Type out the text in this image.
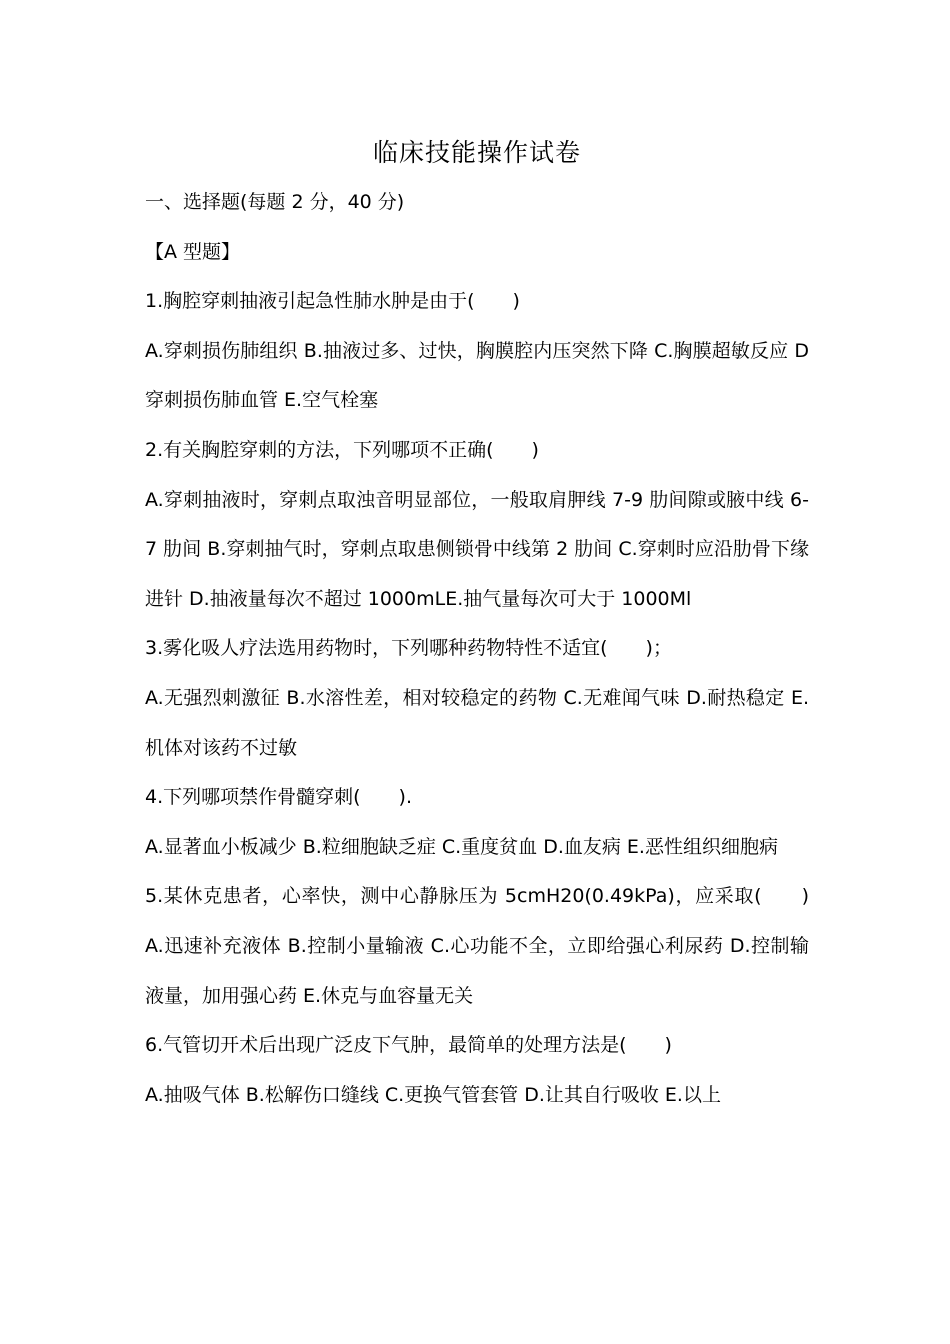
临床技能操作试卷

一、选择题(每题 2 分，40 分)

【A 型题】

1.胸腔穿刺抽液引起急性肺水肿是由于(　　)

A.穿刺损伤肺组织 B.抽液过多、过快，胸膜腔内压突然下降 C.胸膜超敏反应 D 穿刺损伤肺血管 E.空气栓塞

2.有关胸腔穿刺的方法，下列哪项不正确(　　)

A.穿刺抽液时，穿刺点取浊音明显部位，一般取肩胛线 7-9 肋间隙或腋中线 6-7 肋间 B.穿刺抽气时，穿刺点取患侧锁骨中线第 2 肋间 C.穿刺时应沿肋骨下缘进针 D.抽液量每次不超过 1000mLE.抽气量每次可大于 1000Ml

3.雾化吸人疗法选用药物时，下列哪种药物特性不适宜(　　)；

A.无强烈刺激征 B.水溶性差，相对较稳定的药物 C.无难闻气味 D.耐热稳定 E.机体对该药不过敏

4.下列哪项禁作骨髓穿刺(　　).

A.显著血小板减少 B.粒细胞缺乏症 C.重度贫血 D.血友病 E.恶性组织细胞病

5.某休克患者，心率快，测中心静脉压为 5cmH20(0.49kPa)，应采取(　　) A.迅速补充液体 B.控制小量输液 C.心功能不全，立即给强心利尿药 D.控制输液量，加用强心药 E.休克与血容量无关

6.气管切开术后出现广泛皮下气肿，最简单的处理方法是(　　)

A.抽吸气体 B.松解伤口缝线 C.更换气管套管 D.让其自行吸收 E.以上
